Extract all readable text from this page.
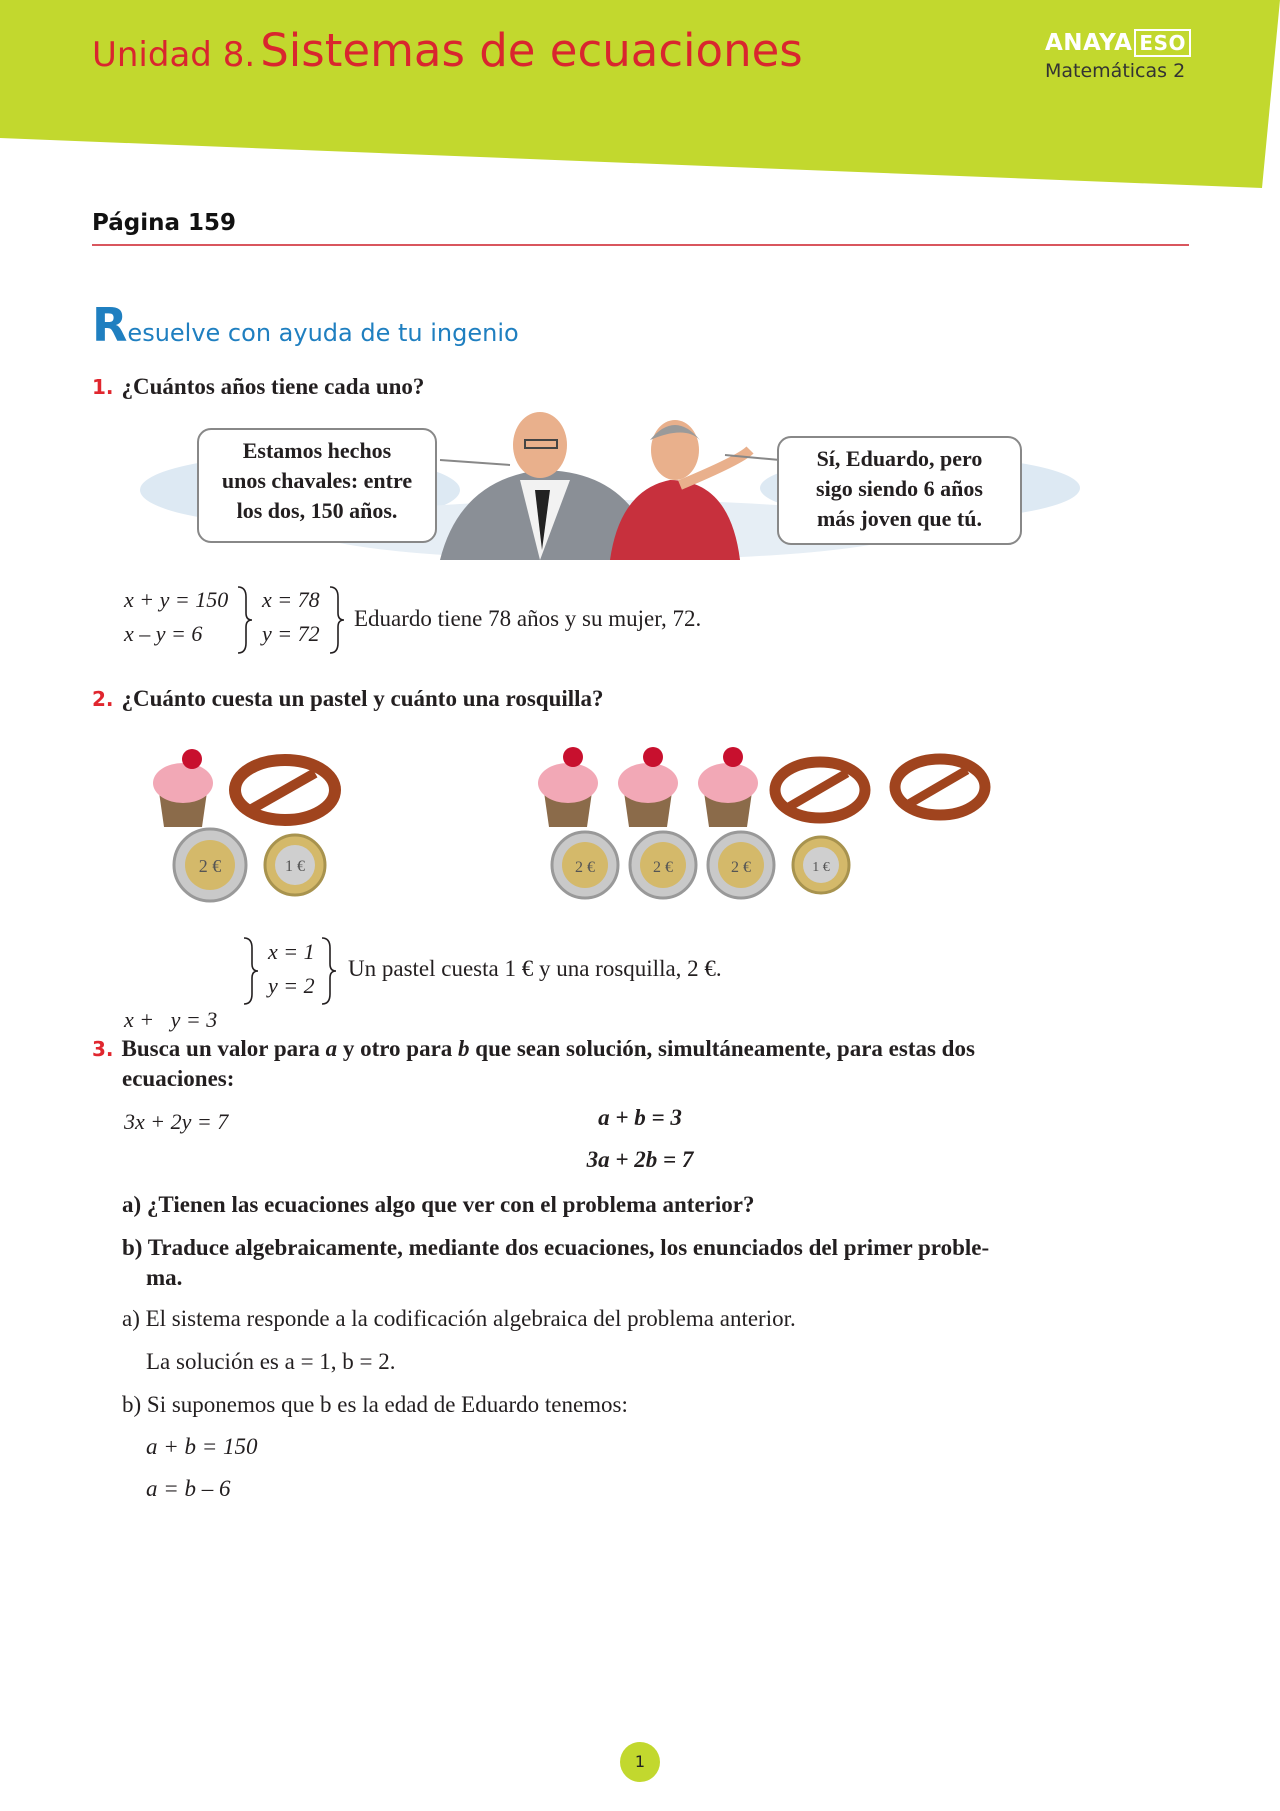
Unidad 8. Sistemas de ecuaciones	ANAYA ESO
Matemáticas 2
Página 159
Resuelve con ayuda de tu ingenio
1. ¿Cuántos años tiene cada uno?
Estamos hechos
unos chavales: entre
los dos, 150 años.
Sí, Eduardo, pero
sigo siendo 6 años
más joven que tú.
x + y = 150
x – y = 6
x = 78
y = 72
Eduardo tiene 78 años y su mujer, 72.
2. ¿Cuánto cuesta un pastel y cuánto una rosquilla?
2 €	1 €	2 €	2 €	2 €	1 €

x +   y = 3

3x + 2y = 7

x = 1
y = 2
Un pastel cuesta 1 € y una rosquilla, 2 €.
3. Busca un valor para a y otro para b que sean solución, simultáneamente, para estas dos
ecuaciones:
a + b = 3
3a + 2b = 7
a) ¿Tienen las ecuaciones algo que ver con el problema anterior?
b) Traduce algebraicamente, mediante dos ecuaciones, los enunciados del primer proble-
ma.
a) El sistema responde a la codificación algebraica del problema anterior.
La solución es a = 1, b = 2.
b) Si suponemos que b es la edad de Eduardo tenemos:
a + b = 150
a = b – 6
1
